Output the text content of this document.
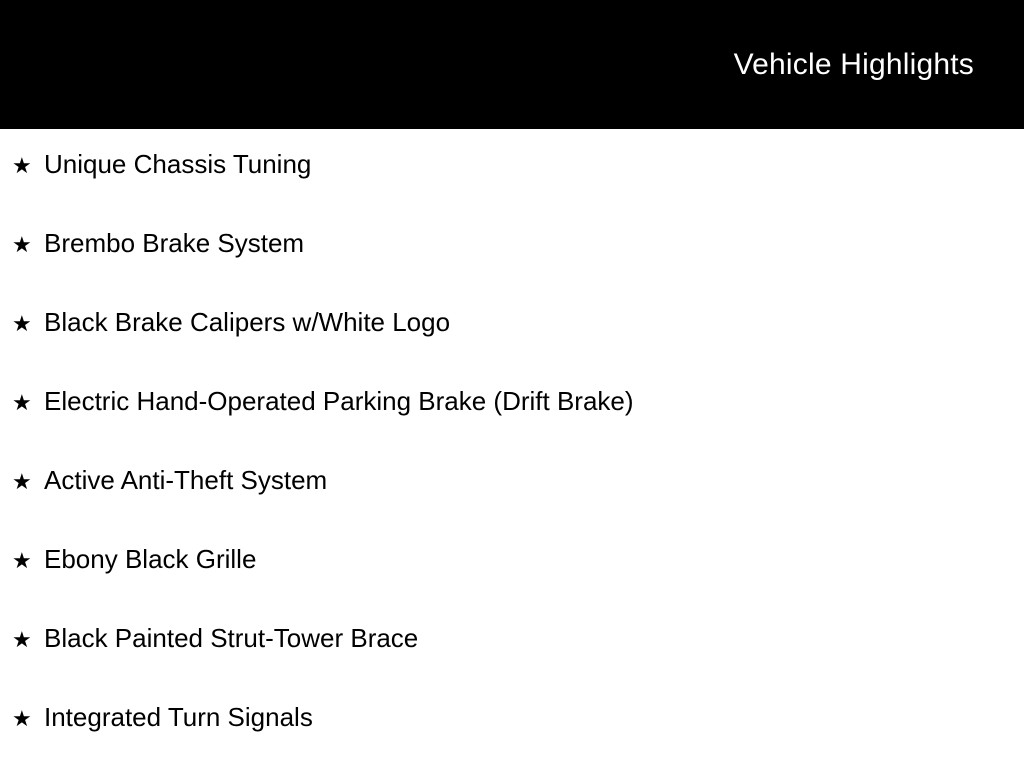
Vehicle Highlights
★ Unique Chassis Tuning
★ Brembo Brake System
★ Black Brake Calipers w/White Logo
★ Electric Hand-Operated Parking Brake (Drift Brake)
★ Active Anti-Theft System
★ Ebony Black Grille
★ Black Painted Strut-Tower Brace
★ Integrated Turn Signals
